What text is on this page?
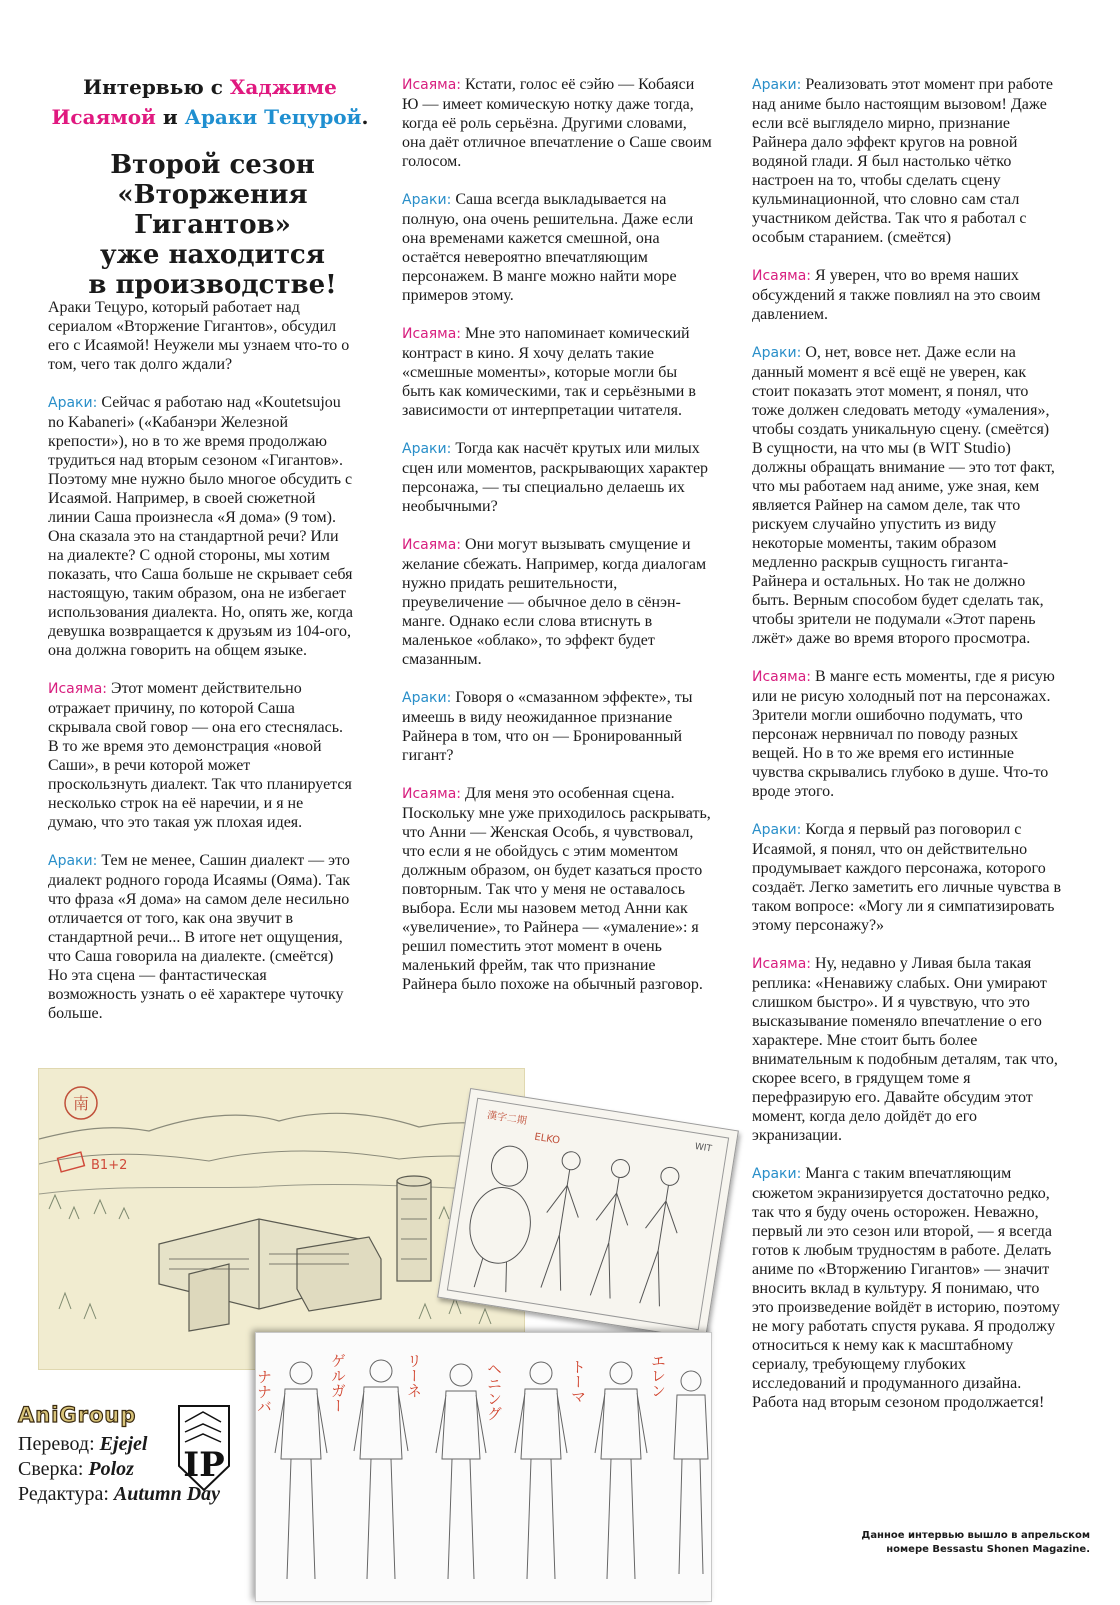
Интервью с Хаджиме
Исаямой и Араки Тецурой.
Второй сезон
«Вторжения Гигантов»
уже находится
в производстве!

Араки Тецуро, который работает над сериалом «Вторжение Гигантов», обсудил его с Исаямой! Неужели мы узнаем что-то о том, чего так долго ждали?

Араки: Сейчас я работаю над «Koutetsujou no Kabaneri» («Кабанэри Железной крепости»), но в то же время продолжаю трудиться над вторым сезоном «Гигантов». Поэтому мне нужно было многое обсудить с Исаямой. Например, в своей сюжетной линии Саша произнесла «Я дома» (9 том). Она сказала это на стандартной речи? Или на диалекте? С одной стороны, мы хотим показать, что Саша больше не скрывает себя настоящую, таким образом, она не избегает использования диалекта. Но, опять же, когда девушка возвращается к друзьям из 104-ого, она должна говорить на общем языке.

Исаяма: Этот момент действительно отражает причину, по которой Саша скрывала свой говор — она его стеснялась. В то же время это демонстрация «новой Саши», в речи которой может проскользнуть диалект. Так что планируется несколько строк на её наречии, и я не думаю, что это такая уж плохая идея.

Араки: Тем не менее, Сашин диалект — это диалект родного города Исаямы (Ояма). Так что фраза «Я дома» на самом деле несильно отличается от того, как она звучит в стандартной речи... В итоге нет ощущения, что Саша говорила на диалекте. (смеётся) Но эта сцена — фантастическая возможность узнать о её характере чуточку больше.

Исаяма: Кстати, голос её сэйю — Кобаяси Ю — имеет комическую нотку даже тогда, когда её роль серьёзна. Другими словами, она даёт отличное впечатление о Саше своим голосом.

Араки: Саша всегда выкладывается на полную, она очень решительна. Даже если она временами кажется смешной, она остаётся невероятно впечатляющим персонажем. В манге можно найти море примеров этому.

Исаяма: Мне это напоминает комический контраст в кино. Я хочу делать такие «смешные моменты», которые могли бы быть как комическими, так и серьёзными в зависимости от интерпретации читателя.

Араки: Тогда как насчёт крутых или милых сцен или моментов, раскрывающих характер персонажа, — ты специально делаешь их необычными?

Исаяма: Они могут вызывать смущение и желание сбежать. Например, когда диалогам нужно придать решительности, преувеличение — обычное дело в сёнэн-манге. Однако если слова втиснуть в маленькое «облако», то эффект будет смазанным.

Араки: Говоря о «смазанном эффекте», ты имеешь в виду неожиданное признание Райнера в том, что он — Бронированный гигант?

Исаяма: Для меня это особенная сцена. Поскольку мне уже приходилось раскрывать, что Анни — Женская Особь, я чувствовал, что если я не обойдусь с этим моментом должным образом, он будет казаться просто повторным. Так что у меня не оставалось выбора. Если мы назовем метод Анни как «увеличение», то Райнера — «умаление»: я решил поместить этот момент в очень маленький фрейм, так что признание Райнера было похоже на обычный разговор.

Араки: Реализовать этот момент при работе над аниме было настоящим вызовом! Даже если всё выглядело мирно, признание Райнера дало эффект кругов на ровной водяной глади. Я был настолько чётко настроен на то, чтобы сделать сцену кульминационной, что словно сам стал участником действа. Так что я работал с особым старанием. (смеётся)

Исаяма: Я уверен, что во время наших обсуждений я также повлиял на это своим давлением.

Араки: О, нет, вовсе нет. Даже если на данный момент я всё ещё не уверен, как стоит показать этот момент, я понял, что тоже должен следовать методу «умаления», чтобы создать уникальную сцену. (смеётся) В сущности, на что мы (в WIT Studio) должны обращать внимание — это тот факт, что мы работаем над аниме, уже зная, кем является Райнер на самом деле, так что рискуем случайно упустить из виду некоторые моменты, таким образом медленно раскрыв сущность гиганта-Райнера и остальных. Но так не должно быть. Верным способом будет сделать так, чтобы зрители не подумали «Этот парень лжёт» даже во время второго просмотра.

Исаяма: В манге есть моменты, где я рисую или не рисую холодный пот на персонажах. Зрители могли ошибочно подумать, что персонаж нервничал по поводу разных вещей. Но в то же время его истинные чувства скрывались глубоко в душе. Что-то вроде этого.

Араки: Когда я первый раз поговорил с Исаямой, я понял, что он действительно продумывает каждого персонажа, которого создаёт. Легко заметить его личные чувства в таком вопросе: «Могу ли я симпатизировать этому персонажу?»

Исаяма: Ну, недавно у Ливая была такая реплика: «Ненавижу слабых. Они умирают слишком быстро». И я чувствую, что это высказывание поменяло впечатление о его характере. Мне стоит быть более внимательным к подобным деталям, так что, скорее всего, в грядущем томе я перефразирую его. Давайте обсудим этот момент, когда дело дойдёт до его экранизации.

Араки: Манга с таким впечатляющим сюжетом экранизируется достаточно редко, так что я буду очень осторожен. Неважно, первый ли это сезон или второй, — я всегда готов к любым трудностям в работе. Делать аниме по «Вторжению Гигантов» — значит вносить вклад в культуру. Я понимаю, что это произведение войдёт в историю, поэтому не могу работать спустя рукава. Я продолжу относиться к нему как к масштабному сериалу, требующему глубоких исследований и продуманного дизайна. Работа над вторым сезоном продолжается!

南
B1+2
漢字二期
ELKO
WIT
ナナバ	ゲルガー	リーネ	ヘニング	トーマ	エレン
AniGroup
IP
Перевод: Ejejel
Сверка: Poloz
Редактура: Autumn Day
Данное интервью вышло в апрельском
номере Bessastu Shonen Magazine.
